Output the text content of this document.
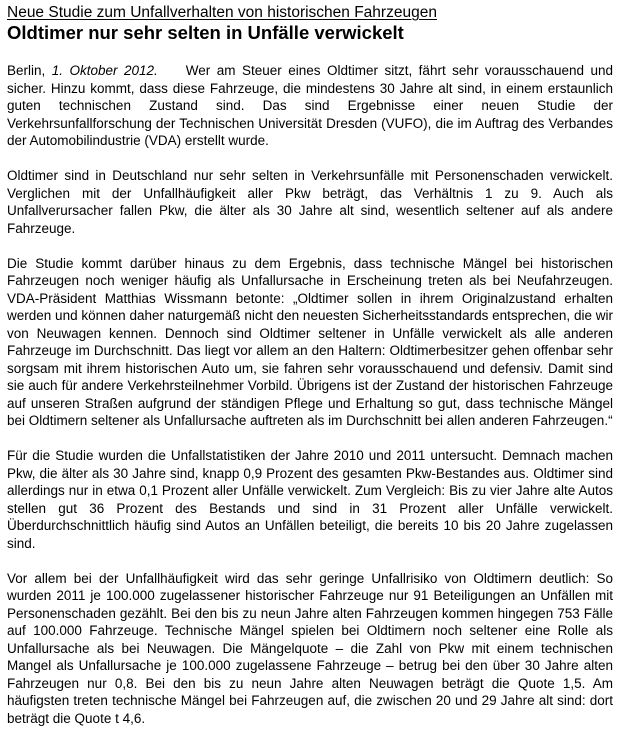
Neue Studie zum Unfallverhalten von historischen Fahrzeugen
Oldtimer nur sehr selten in Unfälle verwickelt

Berlin, 1. Oktober 2012. Wer am Steuer eines Oldtimer sitzt, fährt sehr vorausschauend und sicher. Hinzu kommt, dass diese Fahrzeuge, die mindestens 30 Jahre alt sind, in einem erstaunlich guten technischen Zustand sind. Das sind Ergebnisse einer neuen Studie der Verkehrsunfallforschung der Technischen Universität Dresden (VUFO), die im Auftrag des Verbandes der Automobilindustrie (VDA) erstellt wurde.

Oldtimer sind in Deutschland nur sehr selten in Verkehrsunfälle mit Personenschaden verwickelt. Verglichen mit der Unfallhäufigkeit aller Pkw beträgt, das Verhältnis 1 zu 9. Auch als Unfallverursacher fallen Pkw, die älter als 30 Jahre alt sind, wesentlich seltener auf als andere Fahrzeuge.

Die Studie kommt darüber hinaus zu dem Ergebnis, dass technische Mängel bei historischen Fahrzeugen noch weniger häufig als Unfallursache in Erscheinung treten als bei Neufahrzeugen. VDA-Präsident Matthias Wissmann betonte: „Oldtimer sollen in ihrem Originalzustand erhalten werden und können daher naturgemäß nicht den neuesten Sicherheitsstandards entsprechen, die wir von Neuwagen kennen. Dennoch sind Oldtimer seltener in Unfälle verwickelt als alle anderen Fahrzeuge im Durchschnitt. Das liegt vor allem an den Haltern: Oldtimerbesitzer gehen offenbar sehr sorgsam mit ihrem historischen Auto um, sie fahren sehr vorausschauend und defensiv. Damit sind sie auch für andere Verkehrsteilnehmer Vorbild. Übrigens ist der Zustand der historischen Fahrzeuge auf unseren Straßen aufgrund der ständigen Pflege und Erhaltung so gut, dass technische Mängel bei Oldtimern seltener als Unfallursache auftreten als im Durchschnitt bei allen anderen Fahrzeugen.“

Für die Studie wurden die Unfallstatistiken der Jahre 2010 und 2011 untersucht. Demnach machen Pkw, die älter als 30 Jahre sind, knapp 0,9 Prozent des gesamten Pkw-Bestandes aus. Oldtimer sind allerdings nur in etwa 0,1 Prozent aller Unfälle verwickelt. Zum Vergleich: Bis zu vier Jahre alte Autos stellen gut 36 Prozent des Bestands und sind in 31 Prozent aller Unfälle verwickelt. Überdurchschnittlich häufig sind Autos an Unfällen beteiligt, die bereits 10 bis 20 Jahre zugelassen sind.

Vor allem bei der Unfallhäufigkeit wird das sehr geringe Unfallrisiko von Oldtimern deutlich: So wurden 2011 je 100.000 zugelassener historischer Fahrzeuge nur 91 Beteiligungen an Unfällen mit Personenschaden gezählt. Bei den bis zu neun Jahre alten Fahrzeugen kommen hingegen 753 Fälle auf 100.000 Fahrzeuge. Technische Mängel spielen bei Oldtimern noch seltener eine Rolle als Unfallursache als bei Neuwagen. Die Mängelquote – die Zahl von Pkw mit einem technischen Mangel als Unfallursache je 100.000 zugelassene Fahrzeuge – betrug bei den über 30 Jahre alten Fahrzeugen nur 0,8. Bei den bis zu neun Jahre alten Neuwagen beträgt die Quote 1,5. Am häufigsten treten technische Mängel bei Fahrzeugen auf, die zwischen 20 und 29 Jahre alt sind: dort beträgt die Quote t 4,6.
